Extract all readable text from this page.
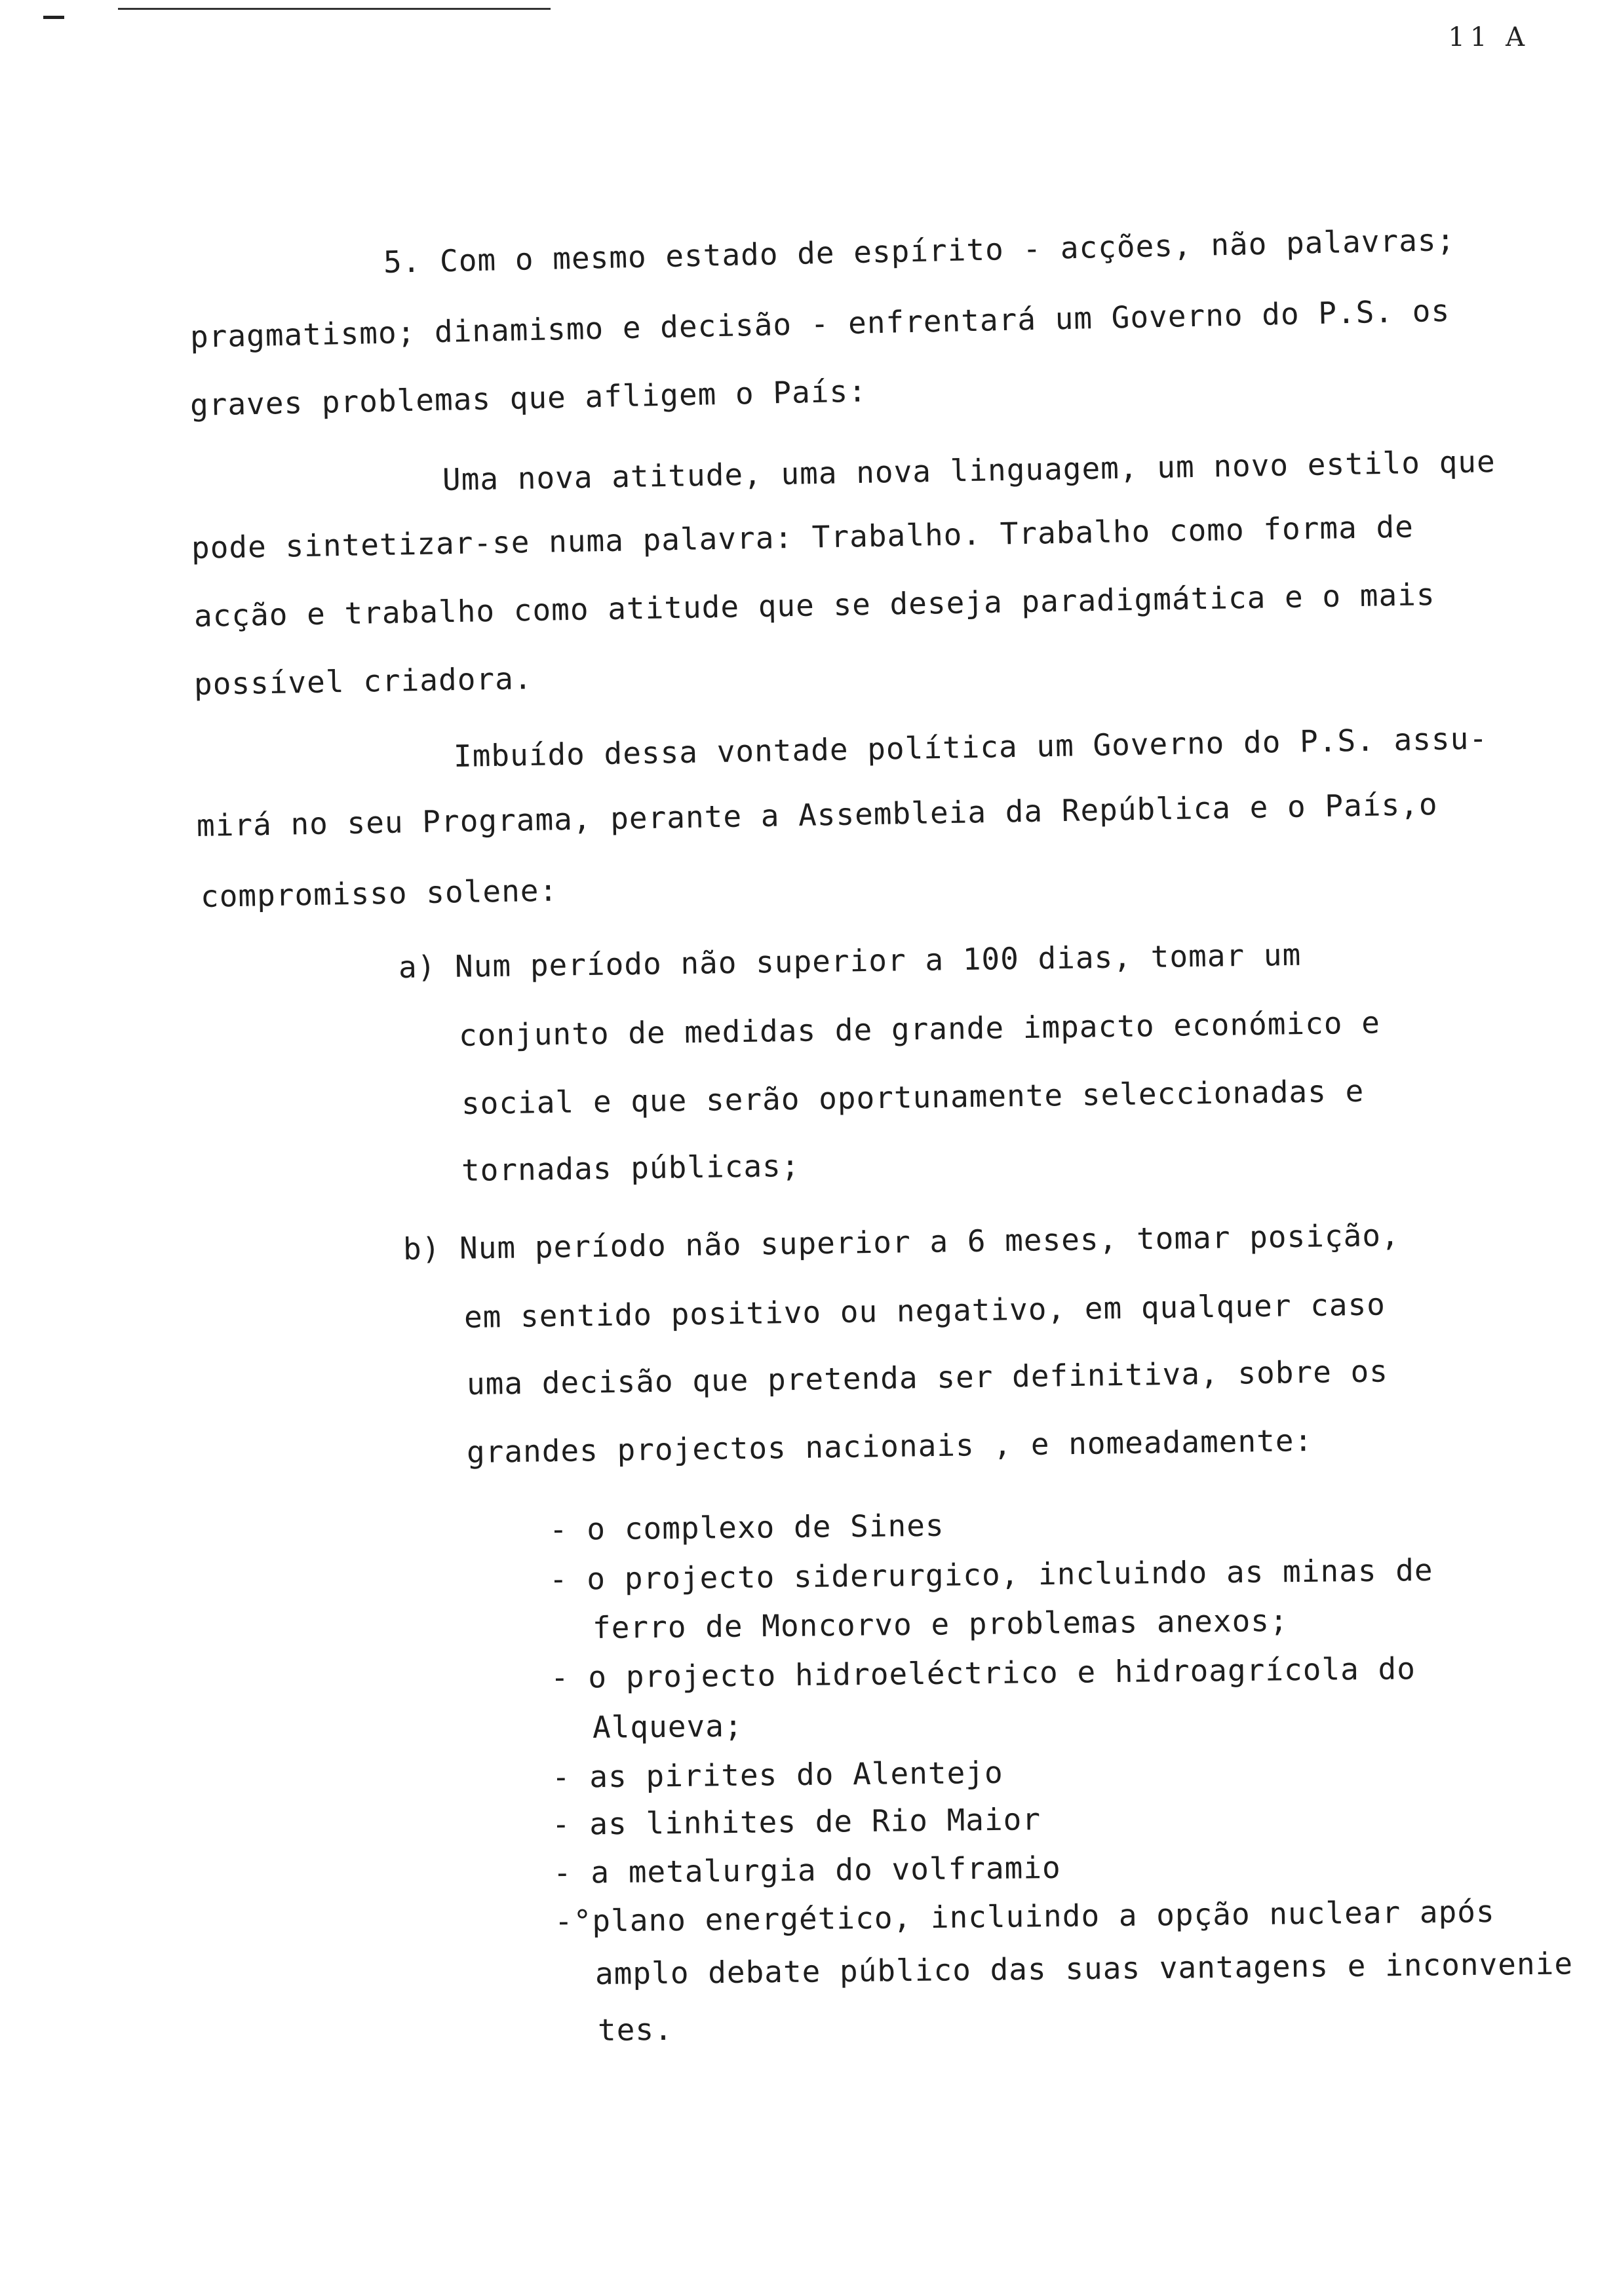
11 A
5. Com o mesmo estado de espírito - acções, não palavras;
pragmatismo; dinamismo e decisão - enfrentará um Governo do P.S. os
graves problemas que afligem o País:
Uma nova atitude, uma nova linguagem, um novo estilo que
pode sintetizar-se numa palavra: Trabalho. Trabalho como forma de
acção e trabalho como atitude que se deseja paradigmática e o mais
possível criadora.
Imbuído dessa vontade política um Governo do P.S. assu-
mirá no seu Programa, perante a Assembleia da República e o País,o
compromisso solene:
a) Num período não superior a 100 dias, tomar um
conjunto de medidas de grande impacto económico e
social e que serão oportunamente seleccionadas e
tornadas públicas;
b) Num período não superior a 6 meses, tomar posição,
em sentido positivo ou negativo, em qualquer caso
uma decisão que pretenda ser definitiva, sobre os
grandes projectos nacionais , e nomeadamente:
- o complexo de Sines
- o projecto siderurgico, incluindo as minas de
ferro de Moncorvo e problemas anexos;
- o projecto hidroeléctrico e hidroagrícola do
Alqueva;
- as pirites do Alentejo
- as linhites de Rio Maior
- a metalurgia do volframio
-°plano energético, incluindo a opção nuclear após
amplo debate público das suas vantagens e inconvenie
tes.
